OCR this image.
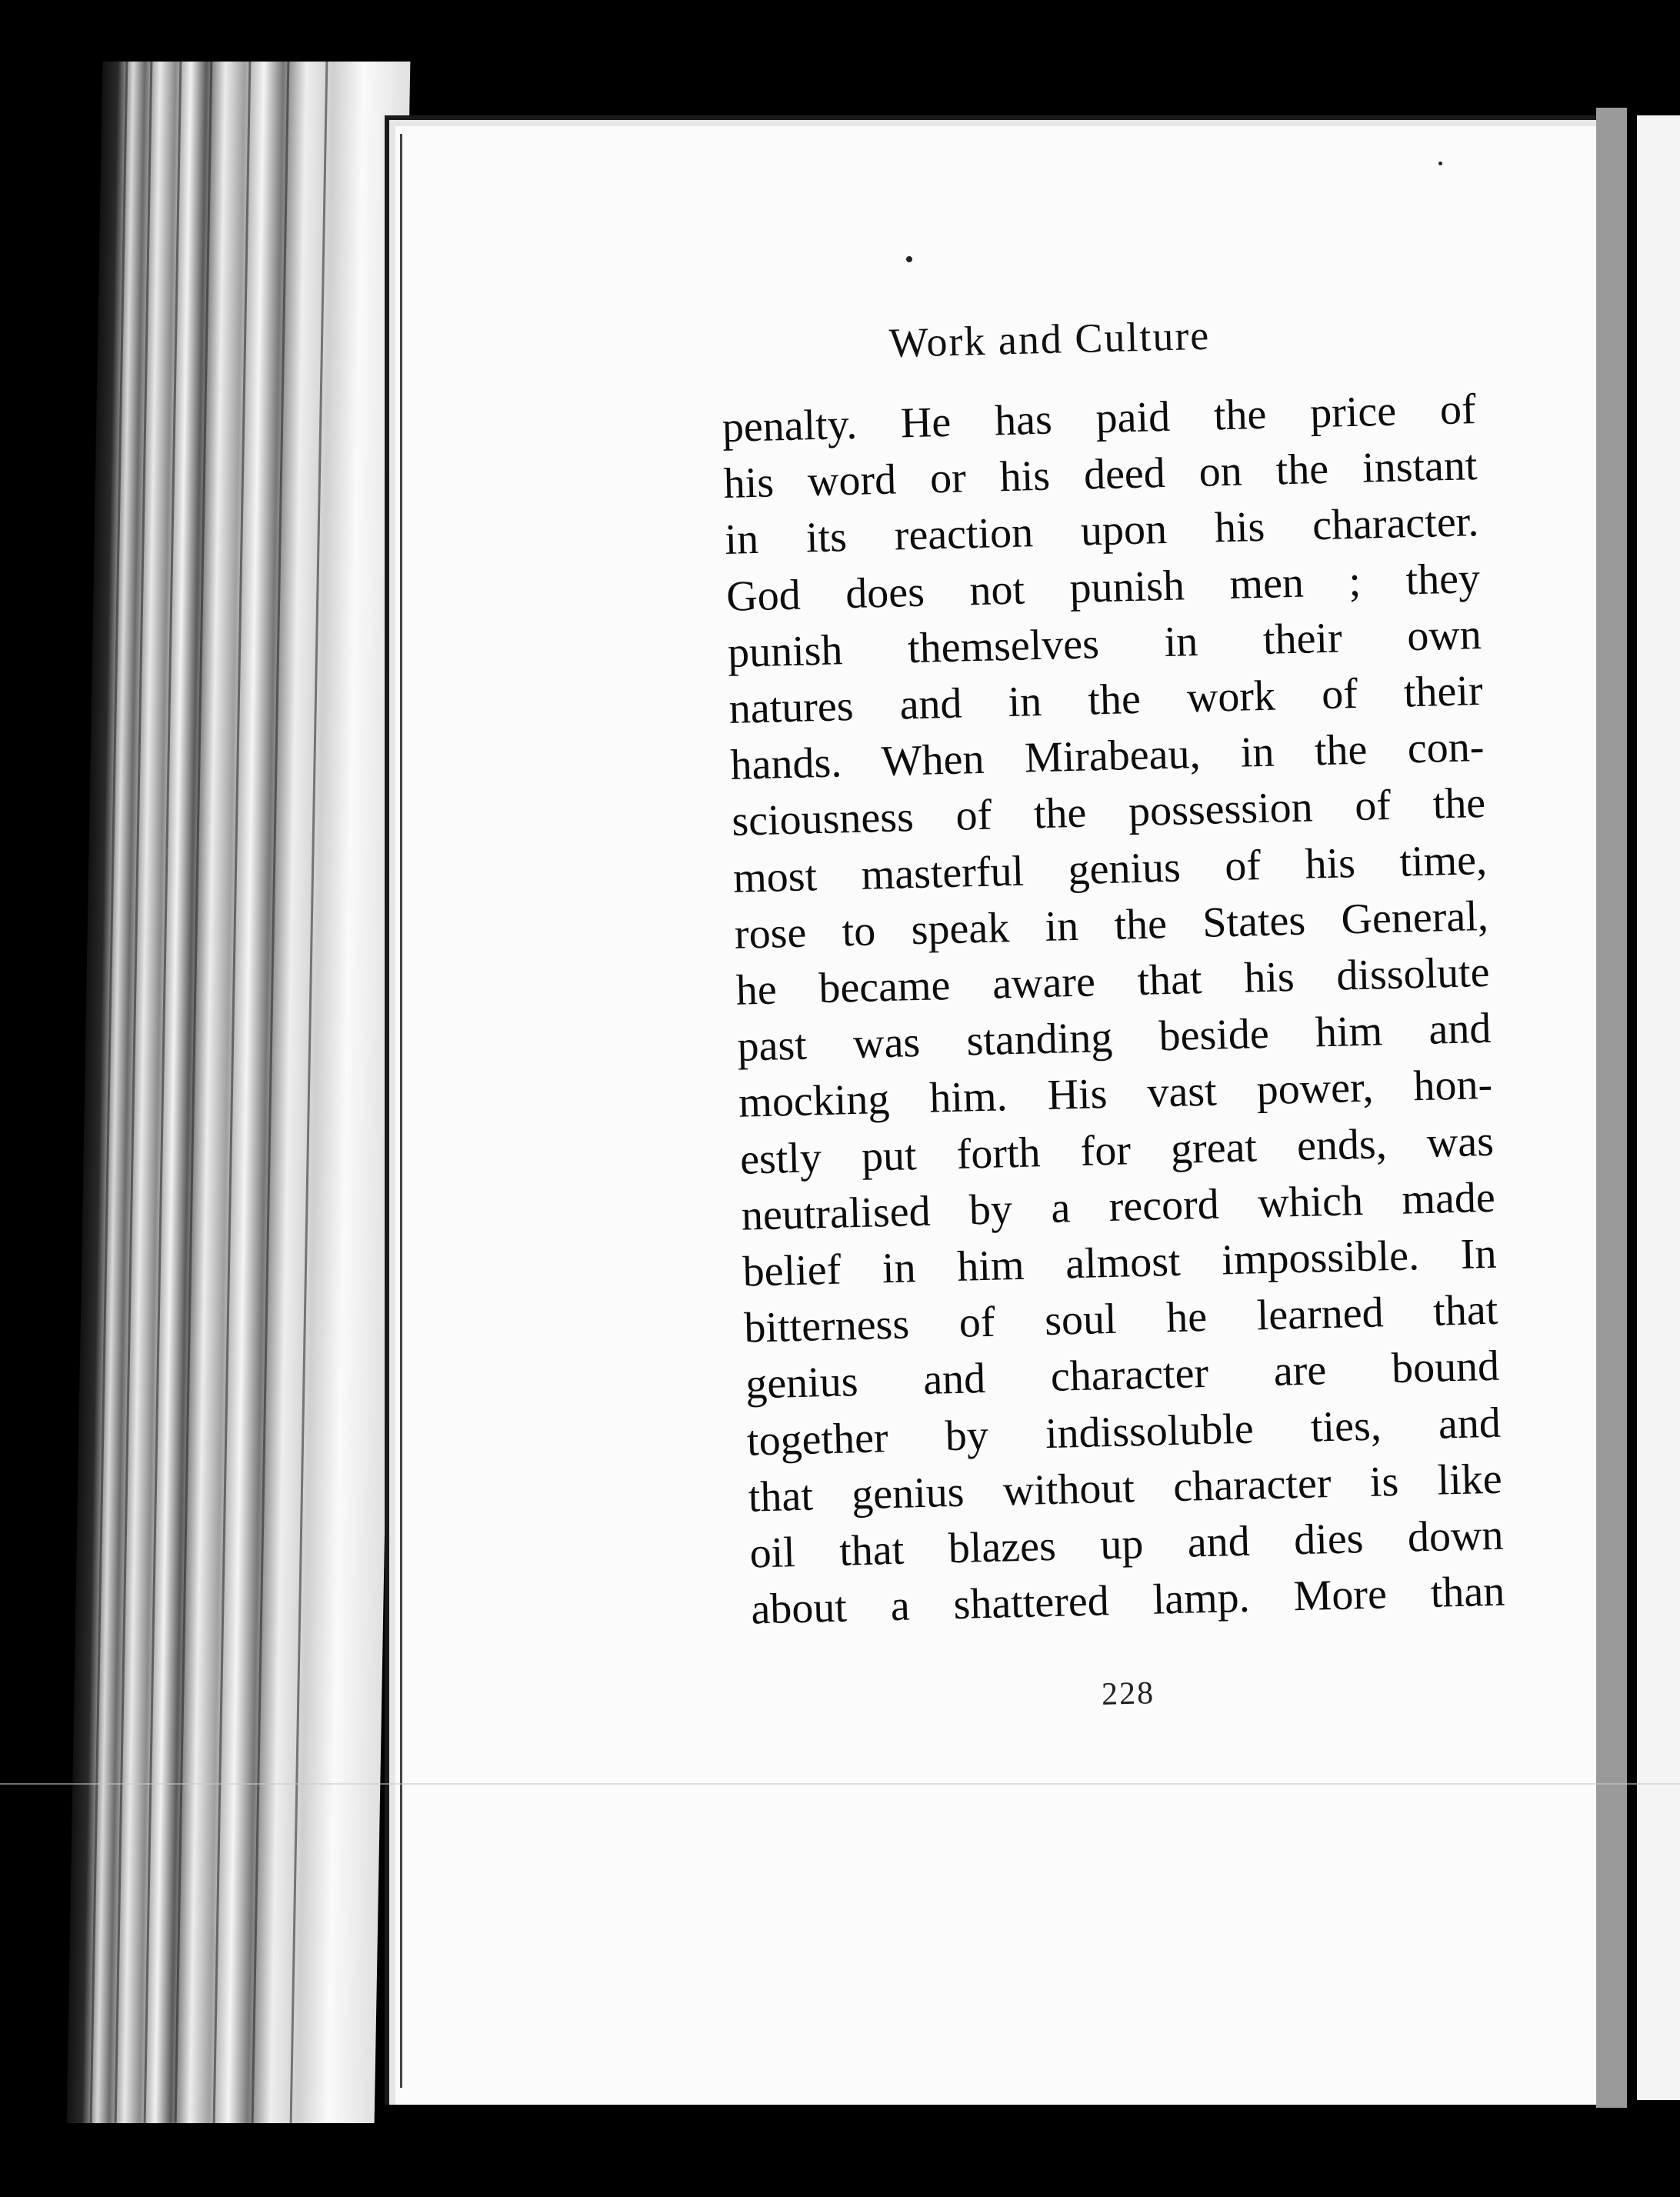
Work and Culture
penalty. He has paid the price of
his word or his deed on the instant
in its reaction upon his character.
God does not punish men ; they
punish themselves in their own
natures and in the work of their
hands. When Mirabeau, in the con-
sciousness of the possession of the
most masterful genius of his time,
rose to speak in the States General,
he became aware that his dissolute
past was standing beside him and
mocking him. His vast power, hon-
estly put forth for great ends, was
neutralised by a record which made
belief in him almost impossible. In
bitterness of soul he learned that
genius and character are bound
together by indissoluble ties, and
that genius without character is like
oil that blazes up and dies down
about a shattered lamp. More than
228
